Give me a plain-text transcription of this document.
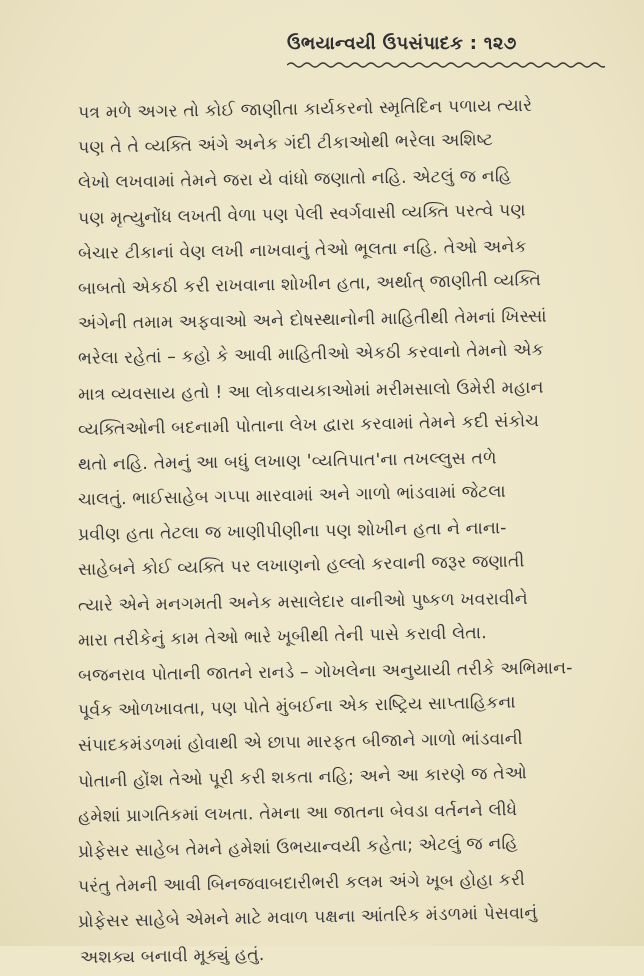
ઉભયાન્વયી ઉપસંપાદક : ૧૨૭
પત્ર મળે અગર તો કોઈ જાણીતા કાર્યકરનો સ્મૃતિદિન પળાય ત્યારે
પણ તે તે વ્યક્તિ અંગે અનેક ગંદી ટીકાઓથી ભરેલા અશિષ્ટ
લેખો લખવામાં તેમને જરા યે વાંધો જણાતો નહિ. એટલું જ નહિ
પણ મૃત્યુનોંધ લખતી વેળા પણ પેલી સ્વર્ગવાસી વ્યક્તિ પરત્વે પણ
બેચાર ટીકાનાં વેણ લખી નાખવાનું તેઓ ભૂલતા નહિ. તેઓ અનેક
બાબતો એકઠી કરી રાખવાના શોખીન હતા, અર્થાત્ જાણીતી વ્યક્તિ
અંગેની તમામ અફવાઓ અને દોષસ્થાનોની માહિતીથી તેમનાં ખિસ્સાં
ભરેલા રહેતાં – કહો કે આવી માહિતીઓ એકઠી કરવાનો તેમનો એક
માત્ર વ્યવસાય હતો ! આ લોકવાયકાઓમાં મરીમસાલો ઉમેરી મહાન
વ્યક્તિઓની બદનામી પોતાના લેખ દ્વારા કરવામાં તેમને કદી સંકોચ
થતો નહિ. તેમનું આ બધું લખાણ 'વ્યતિપાત'ના તખલ્લુસ તળે
ચાલતું. ભાઈસાહેબ ગપ્પા મારવામાં અને ગાળો ભાંડવામાં જેટલા
પ્રવીણ હતા તેટલા જ ખાણીપીણીના પણ શોખીન હતા ને નાના-
સાહેબને કોઈ વ્યક્તિ પર લખાણનો હલ્લો કરવાની જરૂર જણાતી
ત્યારે એને મનગમતી અનેક મસાલેદાર વાનીઓ પુષ્કળ ખવરાવીને
મારા તરીકેનું કામ તેઓ ભારે ખૂબીથી તેની પાસે કરાવી લેતા.
બજનરાવ પોતાની જાતને રાનડે – ગોખલેના અનુયાયી તરીકે અભિમાન-
પૂર્વક ઓળખાવતા, પણ પોતે મુંબઈના એક રાષ્ટ્રિય સાપ્તાહિકના
સંપાદકમંડળમાં હોવાથી એ છાપા મારફત બીજાને ગાળો ભાંડવાની
પોતાની હોંશ તેઓ પૂરી કરી શકતા નહિ; અને આ કારણે જ તેઓ
હમેશાં પ્રાગતિકમાં લખતા. તેમના આ જાતના બેવડા વર્તનને લીધે
પ્રોફેસર સાહેબ તેમને હમેશાં ઉભયાન્વયી કહેતા; એટલું જ નહિ
પરંતુ તેમની આવી બિનજવાબદારીભરી કલમ અંગે ખૂબ હોહા કરી
પ્રોફેસર સાહેબે એમને માટે મવાળ પક્ષના આંતરિક મંડળમાં પેસવાનું
અશક્ય બનાવી મૂક્યું હતું.
